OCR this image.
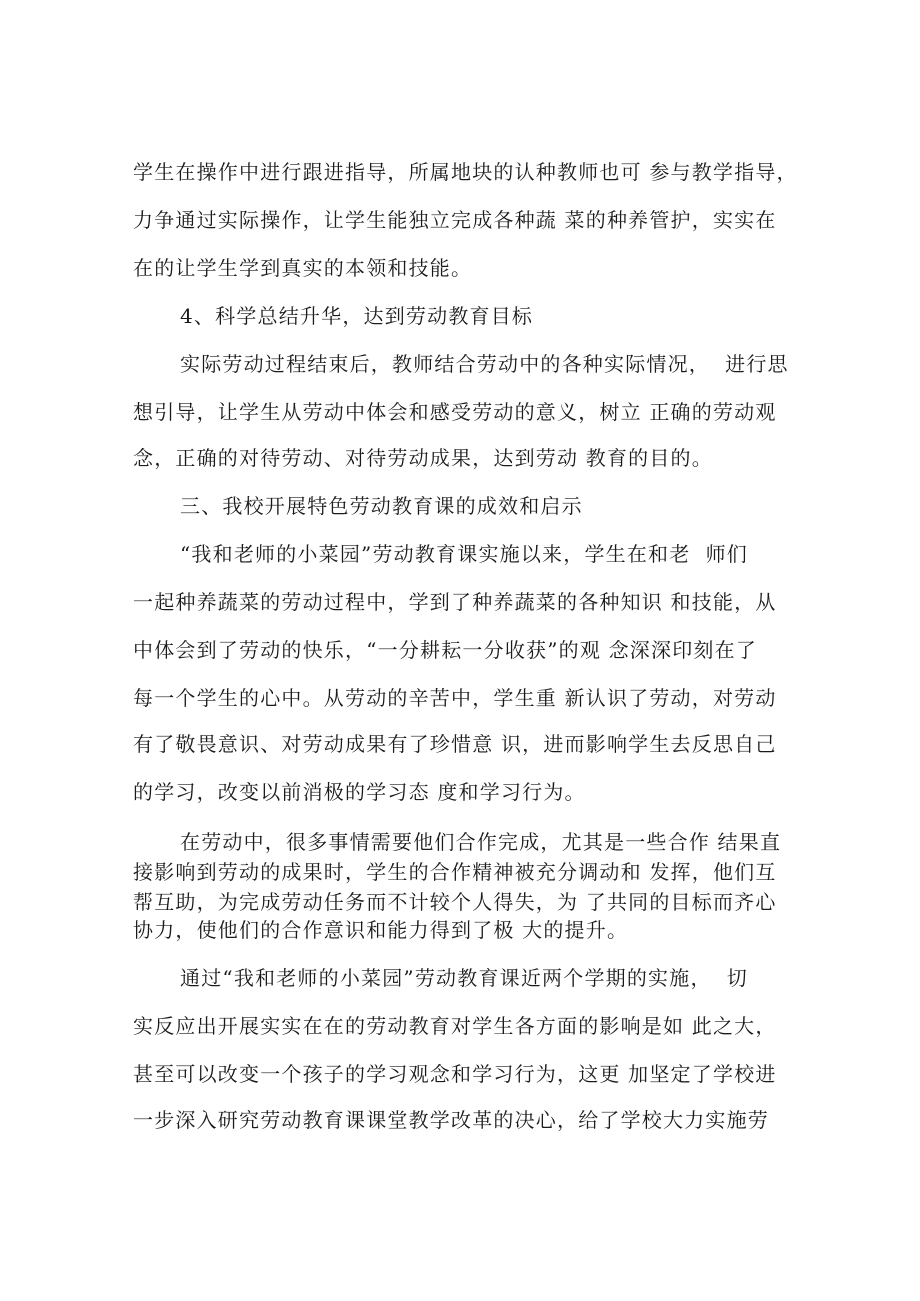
学生在操作中进行跟进指导，所属地块的认种教师也可 参与教学指导，
力争通过实际操作，让学生能独立完成各种蔬 菜的种养管护，实实在
在的让学生学到真实的本领和技能。
4、科学总结升华，达到劳动教育目标
实际劳动过程结束后，教师结合劳动中的各种实际情况，  进行思
想引导，让学生从劳动中体会和感受劳动的意义，树立 正确的劳动观
念，正确的对待劳动、对待劳动成果，达到劳动 教育的目的。
三、我校开展特色劳动教育课的成效和启示
“我和老师的小菜园”劳动教育课实施以来，学生在和老  师们
一起种养蔬菜的劳动过程中，学到了种养蔬菜的各种知识 和技能，从
中体会到了劳动的快乐，“一分耕耘一分收获”的观 念深深印刻在了
每一个学生的心中。从劳动的辛苦中，学生重 新认识了劳动，对劳动
有了敬畏意识、对劳动成果有了珍惜意 识，进而影响学生去反思自己
的学习，改变以前消极的学习态 度和学习行为。
在劳动中，很多事情需要他们合作完成，尤其是一些合作 结果直
接影响到劳动的成果时，学生的合作精神被充分调动和 发挥，他们互
帮互助，为完成劳动任务而不计较个人得失，为 了共同的目标而齐心
协力，使他们的合作意识和能力得到了极 大的提升。
通过“我和老师的小菜园”劳动教育课近两个学期的实施，  切
实反应出开展实实在在的劳动教育对学生各方面的影响是如 此之大，
甚至可以改变一个孩子的学习观念和学习行为，这更 加坚定了学校进
一步深入研究劳动教育课课堂教学改革的决心，给了学校大力实施劳
